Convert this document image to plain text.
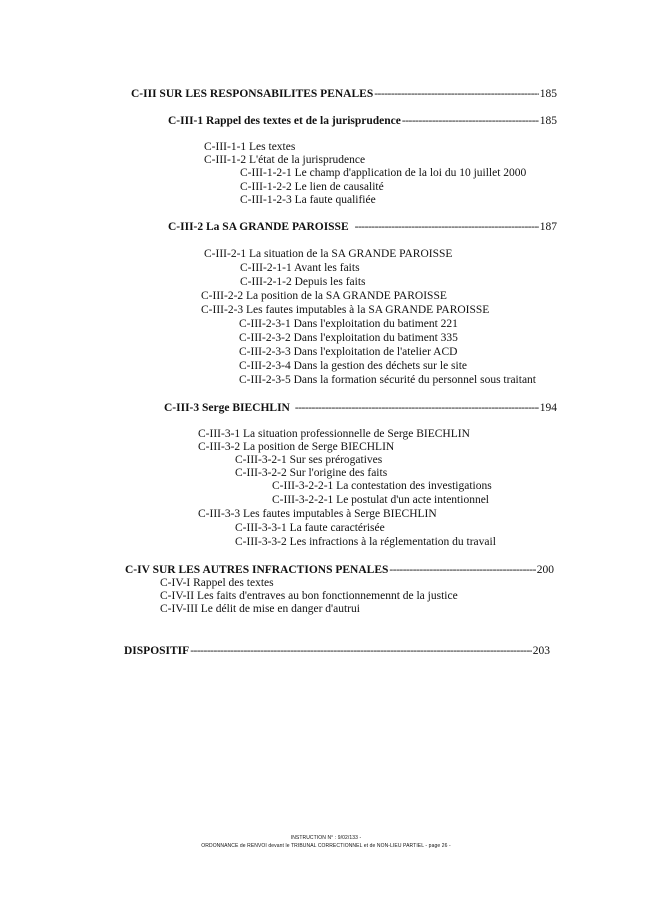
C-III SUR LES RESPONSABILITES PENALES -----	185
C-III-1 Rappel des textes et de la jurisprudence -----	185
C-III-1-1 Les textes
C-III-1-2 L'état de la jurisprudence
C-III-1-2-1 Le champ d'application de la loi du 10 juillet 2000
C-III-1-2-2 Le lien de causalité
C-III-1-2-3 La faute qualifiée
C-III-2 La SA GRANDE PAROISSE -----	187
C-III-2-1 La situation de la SA GRANDE PAROISSE
C-III-2-1-1 Avant les faits
C-III-2-1-2 Depuis les faits
C-III-2-2 La position de la SA GRANDE PAROISSE
C-III-2-3 Les fautes imputables à la SA GRANDE PAROISSE
C-III-2-3-1 Dans l'exploitation du batiment 221
C-III-2-3-2 Dans l'exploitation du batiment 335
C-III-2-3-3 Dans l'exploitation de l'atelier ACD
C-III-2-3-4 Dans la gestion des déchets sur le site
C-III-2-3-5 Dans la formation sécurité du personnel sous traitant
C-III-3 Serge BIECHLIN -----	194
C-III-3-1 La situation professionnelle de Serge BIECHLIN
C-III-3-2 La position de Serge BIECHLIN
C-III-3-2-1 Sur ses prérogatives
C-III-3-2-2 Sur l'origine des faits
C-III-3-2-2-1 La contestation des investigations
C-III-3-2-2-1 Le postulat d'un acte intentionnel
C-III-3-3 Les fautes imputables à Serge BIECHLIN
C-III-3-3-1 La faute caractérisée
C-III-3-3-2 Les infractions à la réglementation du travail
C-IV SUR LES AUTRES INFRACTIONS PENALES -----	200
C-IV-I Rappel des textes
C-IV-II Les faits d'entraves au bon fonctionnemennt de la justice
C-IV-III Le délit de mise en danger d'autrui
DISPOSITIF -----	203
INSTRUCTION N° : 9/02/133 -
ORDONNANCE de RENVOI devant le TRIBUNAL CORRECTIONNEL et de NON-LIEU PARTIEL - page 26 -
